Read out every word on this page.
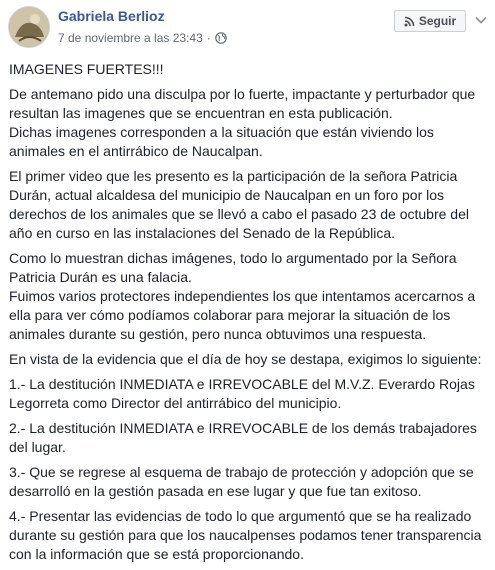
Gabriela Berlioz
7 de noviembre a las 23:43 ·
Seguir

IMAGENES FUERTES!!!

De antemano pido una disculpa por lo fuerte, impactante y perturbador que resultan las imagenes que se encuentran en esta publicación.
Dichas imagenes corresponden a la situación que están viviendo los animales en el antirrábico de Naucalpan.

El primer video que les presento es la participación de la señora Patricia Durán, actual alcaldesa del municipio de Naucalpan en un foro por los derechos de los animales que se llevó a cabo el pasado 23 de octubre del año en curso en las instalaciones del Senado de la República.

Como lo muestran dichas imágenes, todo lo argumentado por la Señora Patricia Durán es una falacia.
Fuimos varios protectores independientes los que intentamos acercarnos a ella para ver cómo podíamos colaborar para mejorar la situación de los animales durante su gestión, pero nunca obtuvimos una respuesta.

En vista de la evidencia que el día de hoy se destapa, exigimos lo siguiente:

1.- La destitución INMEDIATA e IRREVOCABLE del M.V.Z. Everardo Rojas Legorreta como Director del antirrábico del municipio.

2.- La destitución INMEDIATA e IRREVOCABLE de los demás trabajadores del lugar.

3.- Que se regrese al esquema de trabajo de protección y adopción que se desarrolló en la gestión pasada en ese lugar y que fue tan exitoso.

4.- Presentar las evidencias de todo lo que argumentó que se ha realizado durante su gestión para que los naucalpenses podamos tener transparencia con la información que se está proporcionando.
